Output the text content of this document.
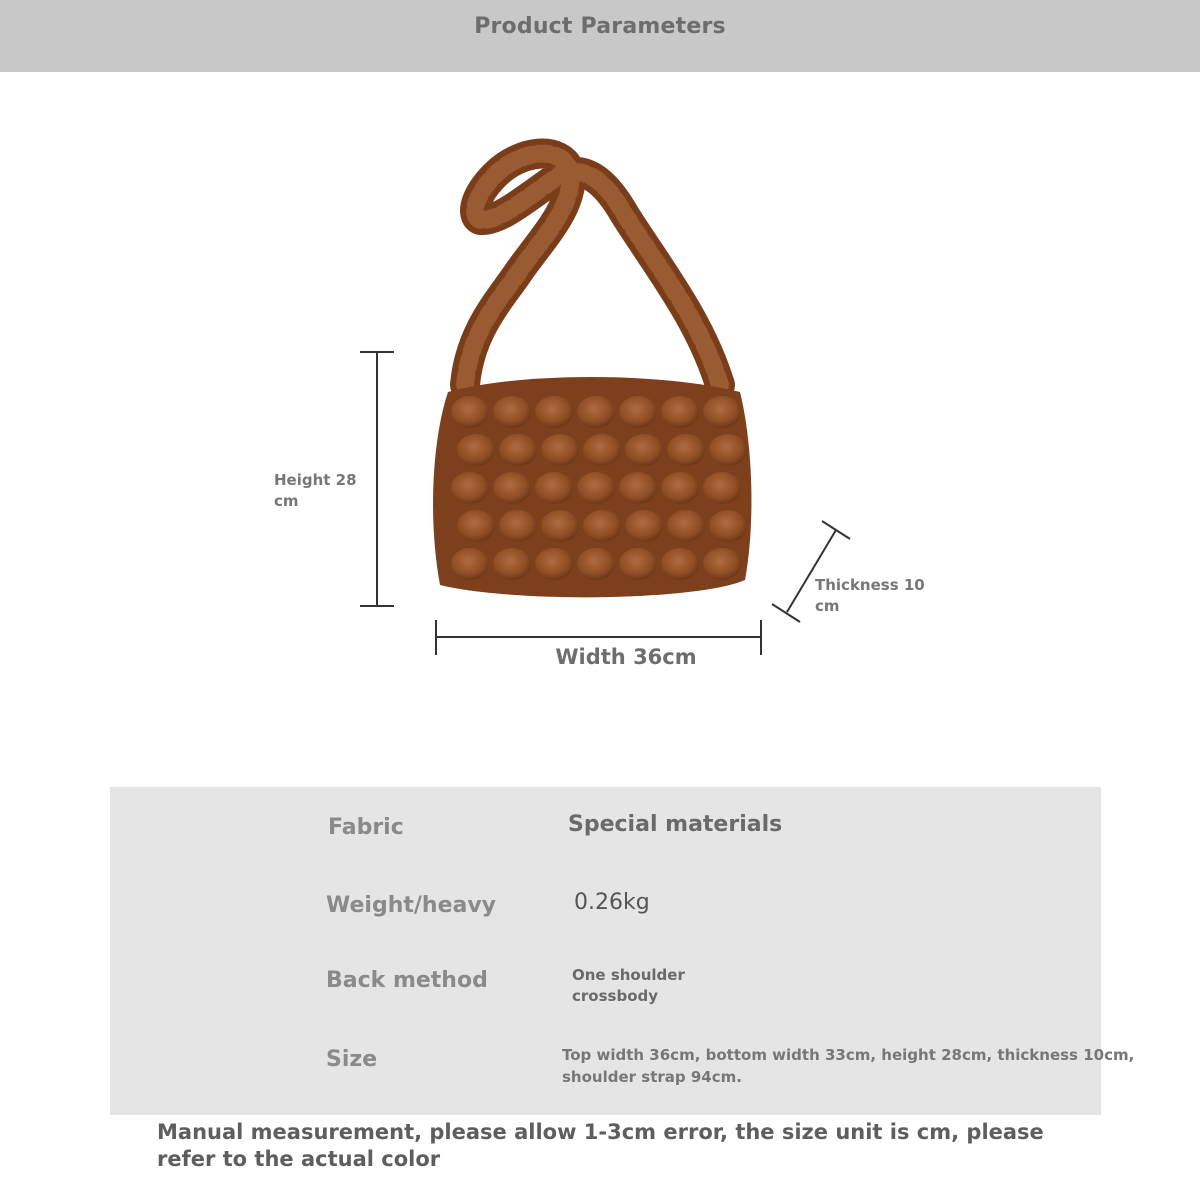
Product Parameters
Height 28 cm
Thickness 10 cm
Width 36cm
Fabric	Special materials
Weight/heavy	0.26kg
Back method	One shoulder crossbody
Size	Top width 36cm, bottom width 33cm, height 28cm, thickness 10cm, shoulder strap 94cm.
Manual measurement, please allow 1-3cm error, the size unit is cm, please refer to the actual color
